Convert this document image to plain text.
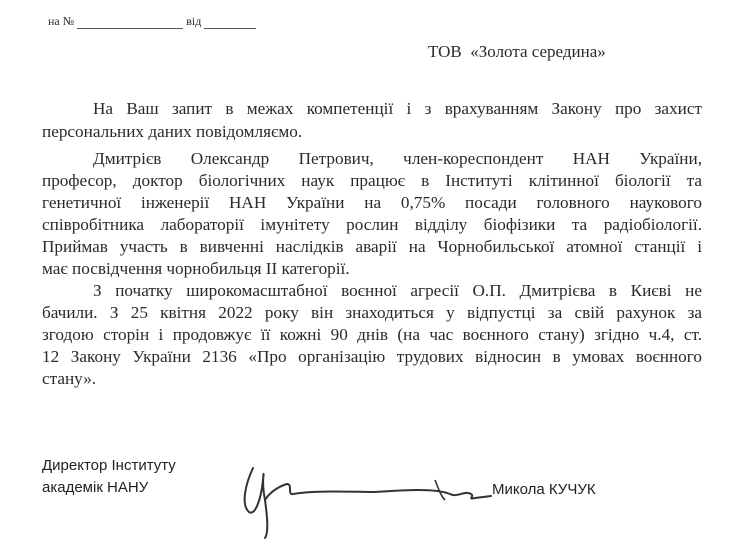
на №	від
ТОВ  «Золота середина»
На Ваш запит в межах компетенції і з врахуванням Закону про захист
персональних даних повідомляємо.
Дмитрієв Олександр Петрович, член-кореспондент НАН України,
професор, доктор біологічних наук працює в Інституті клітинної біології та
генетичної інженерії НАН України на 0,75% посади головного наукового
співробітника лабораторії імунітету рослин відділу біофізики та радіобіології.
Приймав участь в вивченні наслідків аварії на Чорнобильської атомної станції і
має посвідчення чорнобильця ІІ категорії.
З початку широкомасштабної воєнної агресії О.П. Дмитрієва в Києві не
бачили. З 25 квітня 2022 року він знаходиться у відпустці за свій рахунок за
згодою сторін і продовжує її кожні 90 днів (на час воєнного стану) згідно ч.4, ст.
12 Закону України 2136 «Про організацію трудових відносин в умовах воєнного
стану».
Директор Інституту
академік НАНУ	Микола КУЧУК
